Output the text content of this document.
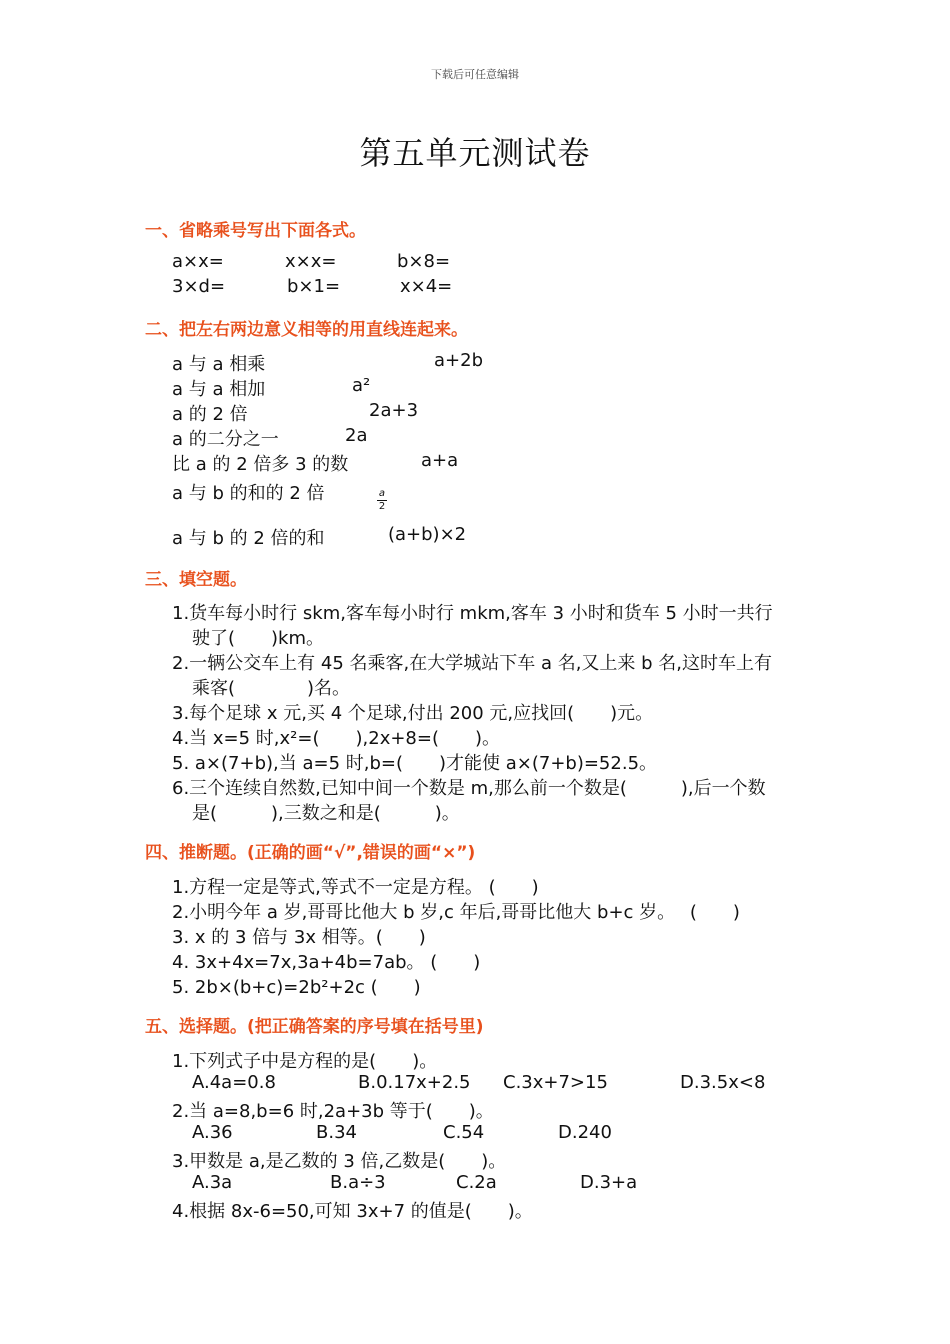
下载后可任意编辑
第五单元测试卷
一、省略乘号写出下面各式。
a×x=	x×x=	b×8=
3×d=	b×1=	x×4=
二、把左右两边意义相等的用直线连起来。
a 与 a 相乘
a 与 a 相加
a 的 2 倍
a 的二分之一
比 a 的 2 倍多 3 的数
a 与 b 的和的 2 倍
a 与 b 的 2 倍的和
a+2b
a²
2a+3
2a
a+a
$\frac{a}{2}$
(a+b)×2
三、填空题。
1.货车每小时行 skm,客车每小时行 mkm,客车 3 小时和货车 5 小时一共行
驶了(　　)km。
2.一辆公交车上有 45 名乘客,在大学城站下车 a 名,又上来 b 名,这时车上有
乘客(　　　　)名。
3.每个足球 x 元,买 4 个足球,付出 200 元,应找回(　　)元。
4.当 x=5 时,x²=(　　),2x+8=(　　)。
5. a×(7+b),当 a=5 时,b=(　　)才能使 a×(7+b)=52.5。
6.三个连续自然数,已知中间一个数是 m,那么前一个数是(　　　),后一个数
是(　　　),三数之和是(　　　)。
四、推断题。(正确的画“√”,错误的画“×”)
1.方程一定是等式,等式不一定是方程。 (　　)
2.小明今年 a 岁,哥哥比他大 b 岁,c 年后,哥哥比他大 b+c 岁。　 (　　)
3. x 的 3 倍与 3x 相等。(　　)
4. 3x+4x=7x,3a+4b=7ab。 (　　)
5. 2b×(b+c)=2b²+2c (　　)
五、选择题。(把正确答案的序号填在括号里)
1.下列式子中是方程的是(　　)。
A.4a=0.8	B.0.17x+2.5 C.3x+7>15	D.3.5x<8
2.当 a=8,b=6 时,2a+3b 等于(　　)。
A.36	B.34	C.54	D.240
3.甲数是 a,是乙数的 3 倍,乙数是(　　)。
A.3a	B.a÷3	C.2a	D.3+a
4.根据 8x-6=50,可知 3x+7 的值是(　　)。
